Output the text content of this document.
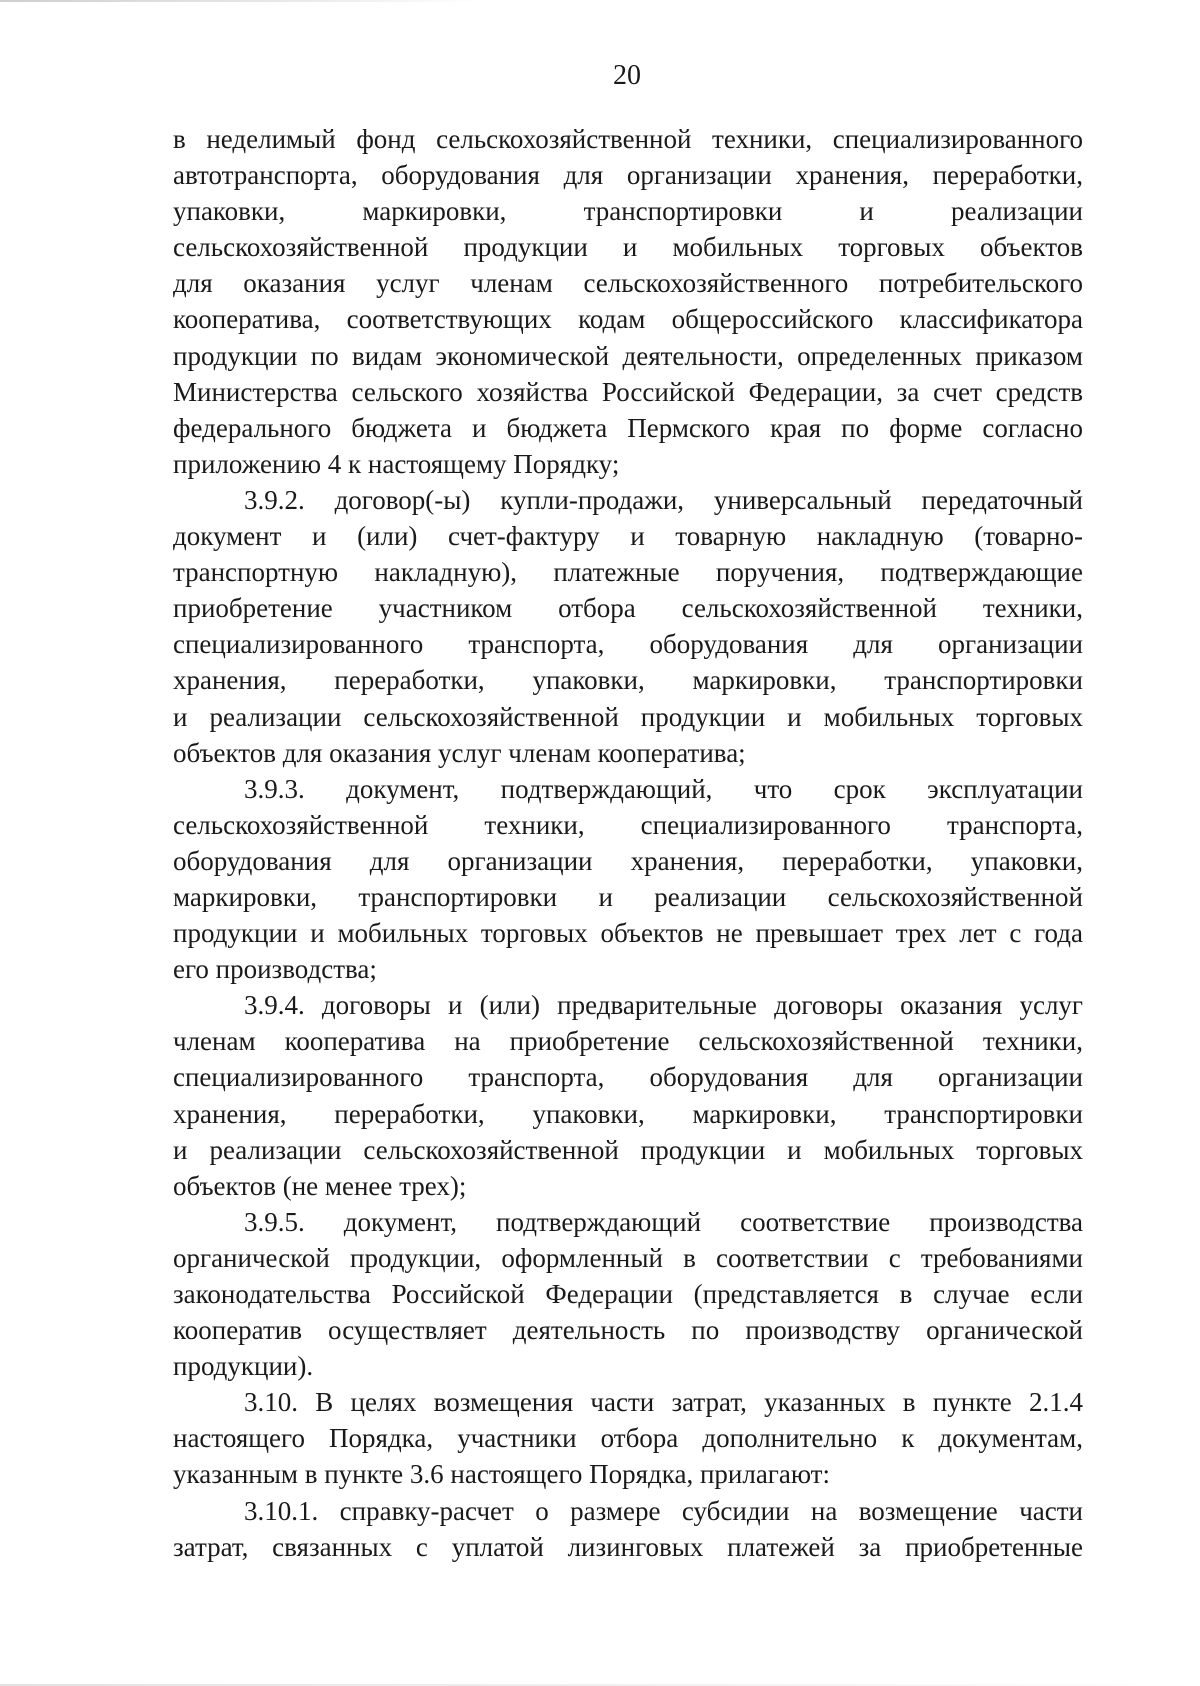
20
в неделимый фонд сельскохозяйственной техники, специализированного
автотранспорта, оборудования для организации хранения, переработки,
упаковки, маркировки, транспортировки и реализации
сельскохозяйственной продукции и мобильных торговых объектов
для оказания услуг членам сельскохозяйственного потребительского
кооператива, соответствующих кодам общероссийского классификатора
продукции по видам экономической деятельности, определенных приказом
Министерства сельского хозяйства Российской Федерации, за счет средств
федерального бюджета и бюджета Пермского края по форме согласно
приложению 4 к настоящему Порядку;
3.9.2. договор(-ы) купли-продажи, универсальный передаточный
документ и (или) счет-фактуру и товарную накладную (товарно-
транспортную накладную), платежные поручения, подтверждающие
приобретение участником отбора сельскохозяйственной техники,
специализированного транспорта, оборудования для организации
хранения, переработки, упаковки, маркировки, транспортировки
и реализации сельскохозяйственной продукции и мобильных торговых
объектов для оказания услуг членам кооператива;
3.9.3. документ, подтверждающий, что срок эксплуатации
сельскохозяйственной техники, специализированного транспорта,
оборудования для организации хранения, переработки, упаковки,
маркировки, транспортировки и реализации сельскохозяйственной
продукции и мобильных торговых объектов не превышает трех лет с года
его производства;
3.9.4. договоры и (или) предварительные договоры оказания услуг
членам кооператива на приобретение сельскохозяйственной техники,
специализированного транспорта, оборудования для организации
хранения, переработки, упаковки, маркировки, транспортировки
и реализации сельскохозяйственной продукции и мобильных торговых
объектов (не менее трех);
3.9.5. документ, подтверждающий соответствие производства
органической продукции, оформленный в соответствии с требованиями
законодательства Российской Федерации (представляется в случае если
кооператив осуществляет деятельность по производству органической
продукции).
3.10. В целях возмещения части затрат, указанных в пункте 2.1.4
настоящего Порядка, участники отбора дополнительно к документам,
указанным в пункте 3.6 настоящего Порядка, прилагают:
3.10.1. справку-расчет о размере субсидии на возмещение части
затрат, связанных с уплатой лизинговых платежей за приобретенные
